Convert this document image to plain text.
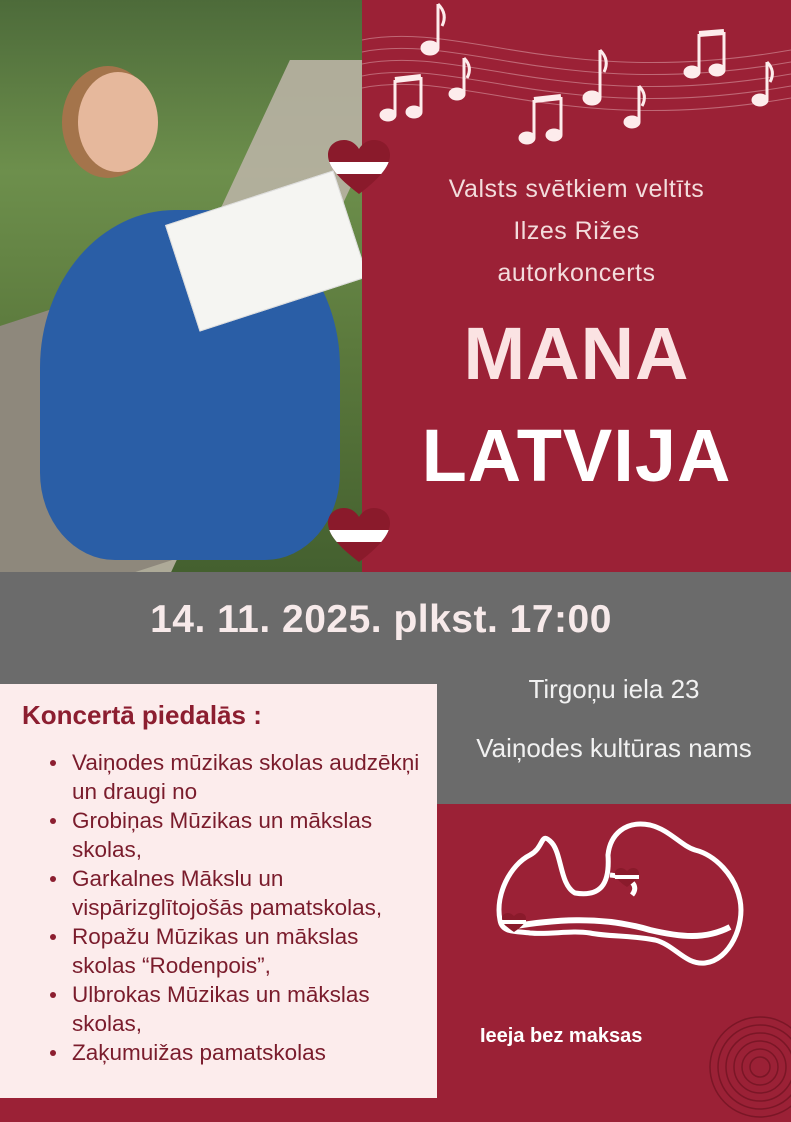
Valsts svētkiem veltīts
Ilzes Rižes
autorkoncerts
MANA
LATVIJA
14. 11. 2025. plkst. 17:00
Tirgoņu iela 23
Vaiņodes kultūras nams
Koncertā piedalās :
Vaiņodes mūzikas skolas audzēkņi un draugi no
Grobiņas Mūzikas un mākslas skolas,
Garkalnes Mākslu un vispārizglītojošās pamatskolas,
Ropažu Mūzikas un mākslas skolas “Rodenpois”,
Ulbrokas Mūzikas un mākslas skolas,
Zaķumuižas pamatskolas
Ieeja bez maksas
